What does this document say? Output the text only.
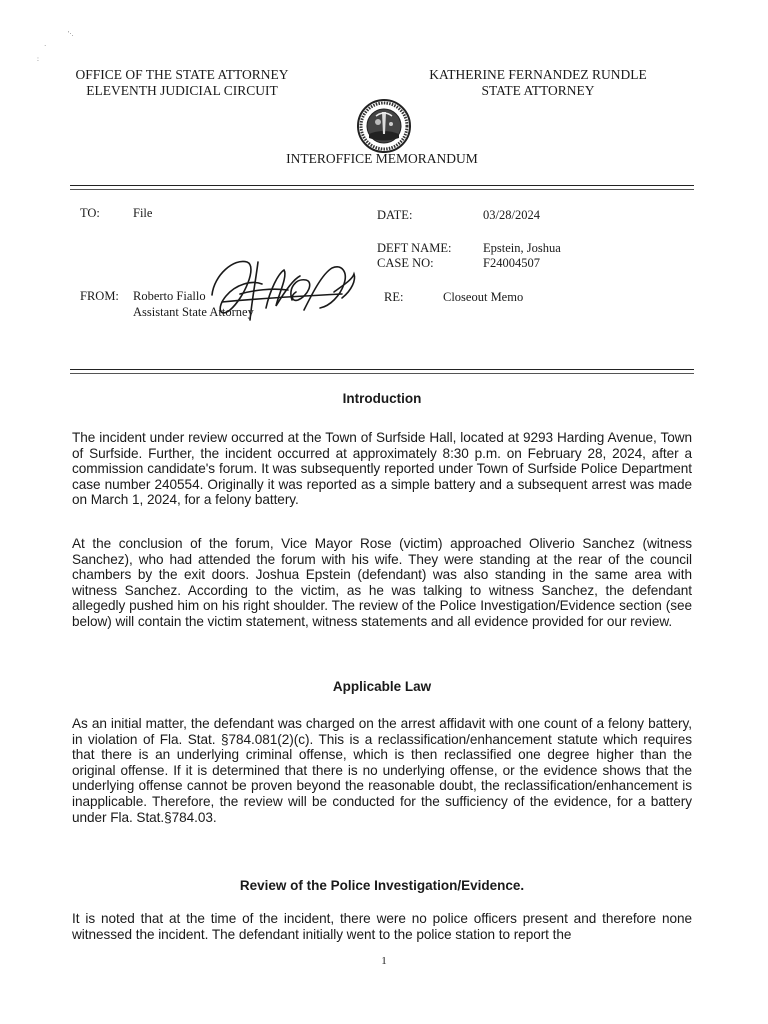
'·.
·
:
OFFICE OF THE STATE ATTORNEY
ELEVENTH JUDICIAL CIRCUIT
KATHERINE FERNANDEZ RUNDLE
STATE ATTORNEY
INTEROFFICE MEMORANDUM
TO:	File	DATE:	03/28/2024
DEFT NAME:	Epstein, Joshua
CASE NO:	F24004507
FROM: Roberto Fiallo
Assistant State Attorney
RE:	Closeout Memo
Introduction
The incident under review occurred at the Town of Surfside Hall, located at 9293 Harding Avenue, Town of Surfside. Further, the incident occurred at approximately 8:30 p.m. on February 28, 2024, after a commission candidate's forum. It was subsequently reported under Town of Surfside Police Department case number 240554. Originally it was reported as a simple battery and a subsequent arrest was made on March 1, 2024, for a felony battery.
At the conclusion of the forum, Vice Mayor Rose (victim) approached Oliverio Sanchez (witness Sanchez), who had attended the forum with his wife. They were standing at the rear of the council chambers by the exit doors. Joshua Epstein (defendant) was also standing in the same area with witness Sanchez. According to the victim, as he was talking to witness Sanchez, the defendant allegedly pushed him on his right shoulder. The review of the Police Investigation/Evidence section (see below) will contain the victim statement, witness statements and all evidence provided for our review.
Applicable Law
As an initial matter, the defendant was charged on the arrest affidavit with one count of a felony battery, in violation of Fla. Stat. §784.081(2)(c). This is a reclassification/enhancement statute which requires that there is an underlying criminal offense, which is then reclassified one degree higher than the original offense. If it is determined that there is no underlying offense, or the evidence shows that the underlying offense cannot be proven beyond the reasonable doubt, the reclassification/enhancement is inapplicable. Therefore, the review will be conducted for the sufficiency of the evidence, for a battery under Fla. Stat.§784.03.
Review of the Police Investigation/Evidence.
It is noted that at the time of the incident, there were no police officers present and therefore none witnessed the incident. The defendant initially went to the police station to report the
1
